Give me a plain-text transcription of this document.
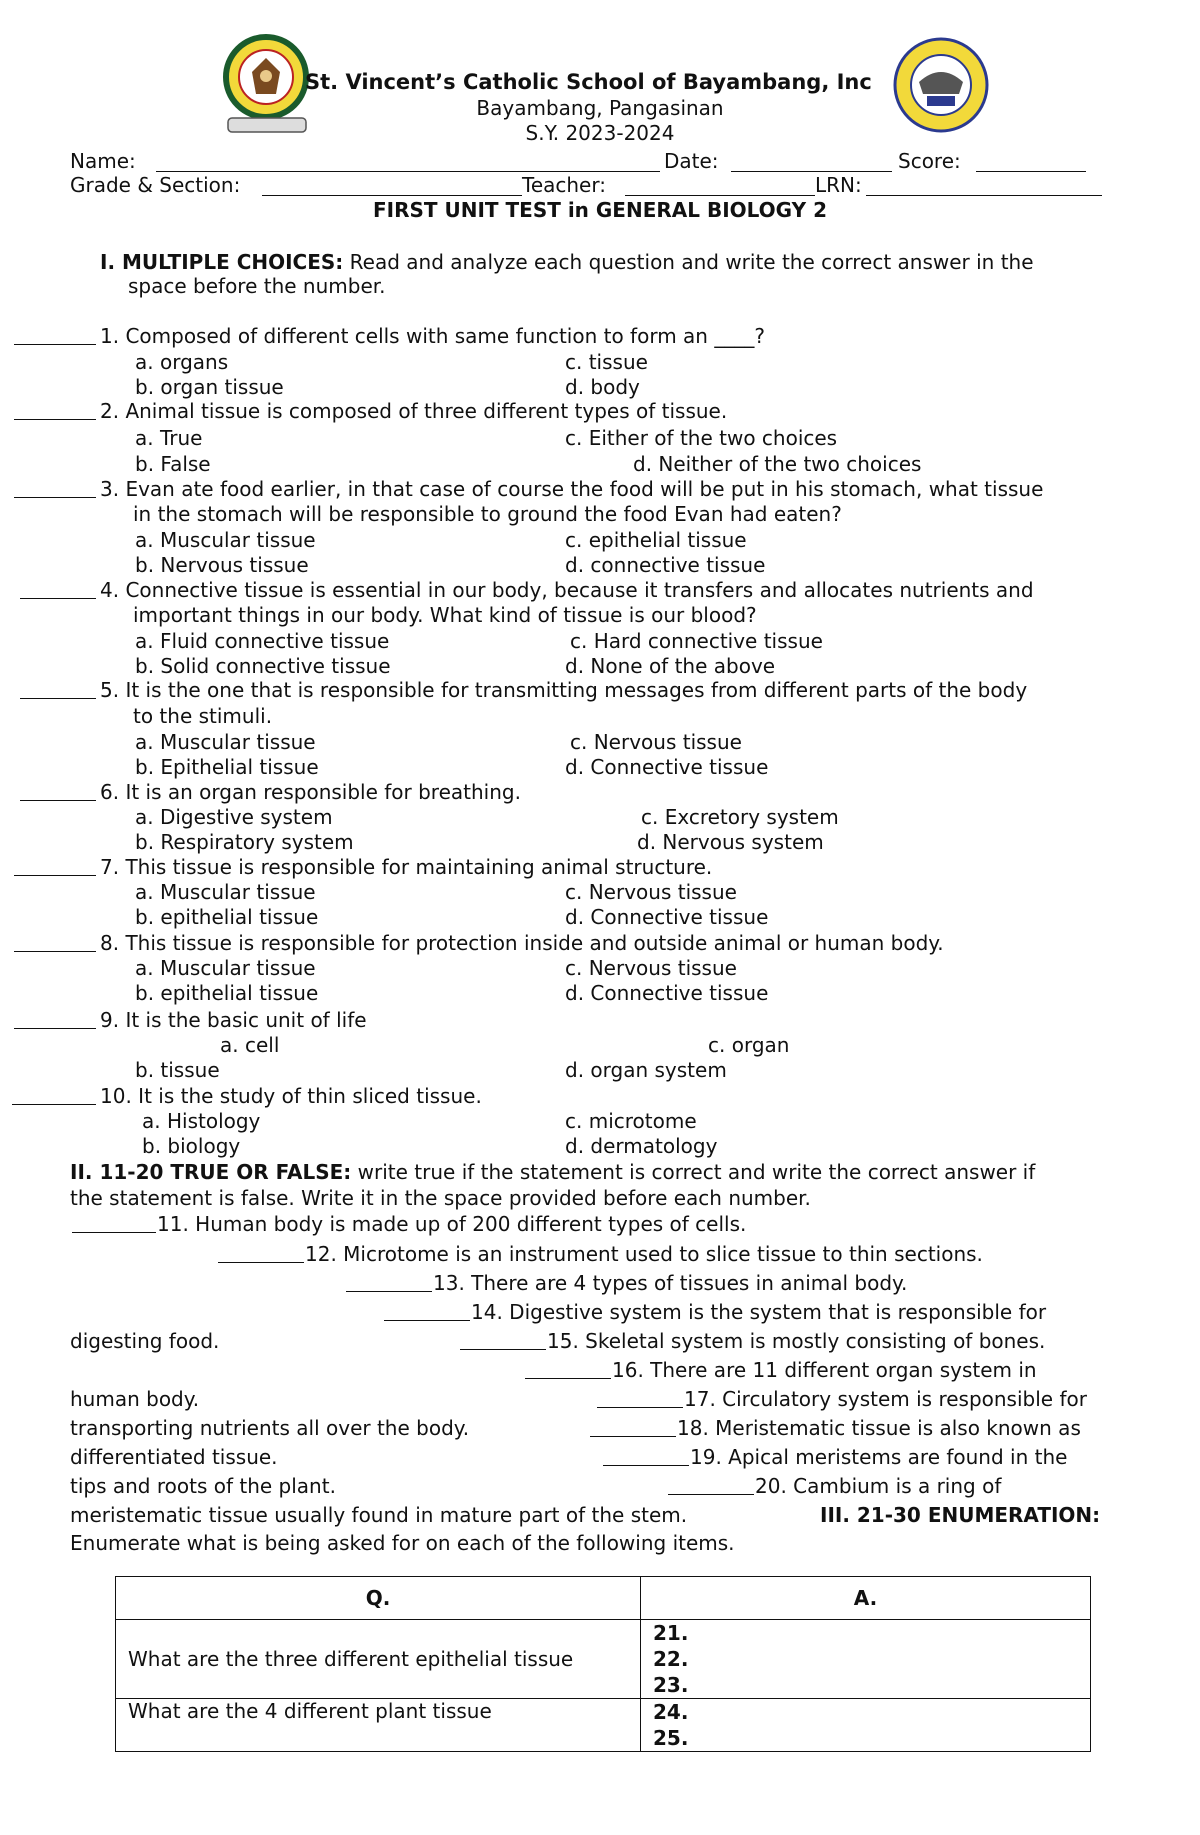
St. Vincent’s Catholic School of Bayambang, Inc
Bayambang, Pangasinan
S.Y. 2023-2024
Name:	Date:	Score:
Grade & Section:	Teacher:	LRN:
FIRST UNIT TEST in GENERAL BIOLOGY 2
I. MULTIPLE CHOICES: Read and analyze each question and write the correct answer in the
space before the number.
1. Composed of different cells with same function to form an ____?
a. organs	c. tissue
b. organ tissue	d. body
2. Animal tissue is composed of three different types of tissue.
a. True	c. Either of the two choices
b. False	d. Neither of the two choices
3. Evan ate food earlier, in that case of course the food will be put in his stomach, what tissue
in the stomach will be responsible to ground the food Evan had eaten?
a. Muscular tissue	c. epithelial tissue
b. Nervous tissue	d. connective tissue
4. Connective tissue is essential in our body, because it transfers and allocates nutrients and
important things in our body. What kind of tissue is our blood?
a. Fluid connective tissue	c. Hard connective tissue
b. Solid connective tissue	d. None of the above
5. It is the one that is responsible for transmitting messages from different parts of the body
to the stimuli.
a. Muscular tissue	c. Nervous tissue
b. Epithelial tissue	d. Connective tissue
6. It is an organ responsible for breathing.
a. Digestive system	c. Excretory system
b. Respiratory system	d. Nervous system
7. This tissue is responsible for maintaining animal structure.
a. Muscular tissue	c. Nervous tissue
b. epithelial tissue	d. Connective tissue
8. This tissue is responsible for protection inside and outside animal or human body.
a. Muscular tissue	c. Nervous tissue
b. epithelial tissue	d. Connective tissue
9. It is the basic unit of life
a. cell	c. organ
b. tissue	d. organ system
10. It is the study of thin sliced tissue.
a. Histology	c. microtome
b. biology	d. dermatology
II. 11-20 TRUE OR FALSE: write true if the statement is correct and write the correct answer if
the statement is false. Write it in the space provided before each number.
11. Human body is made up of 200 different types of cells.
12. Microtome is an instrument used to slice tissue to thin sections.
13. There are 4 types of tissues in animal body.
14. Digestive system is the system that is responsible for
digesting food.	15. Skeletal system is mostly consisting of bones.
16. There are 11 different organ system in
human body.	17. Circulatory system is responsible for
transporting nutrients all over the body.	18. Meristematic tissue is also known as
differentiated tissue.	19. Apical meristems are found in the
tips and roots of the plant.	20. Cambium is a ring of
meristematic tissue usually found in mature part of the stem.	III. 21-30 ENUMERATION:
Enumerate what is being asked for on each of the following items.
Q.	A.
What are the three different epithelial tissue	21.
22.
23.

What are the 4 different plant tissue	24.
25.
